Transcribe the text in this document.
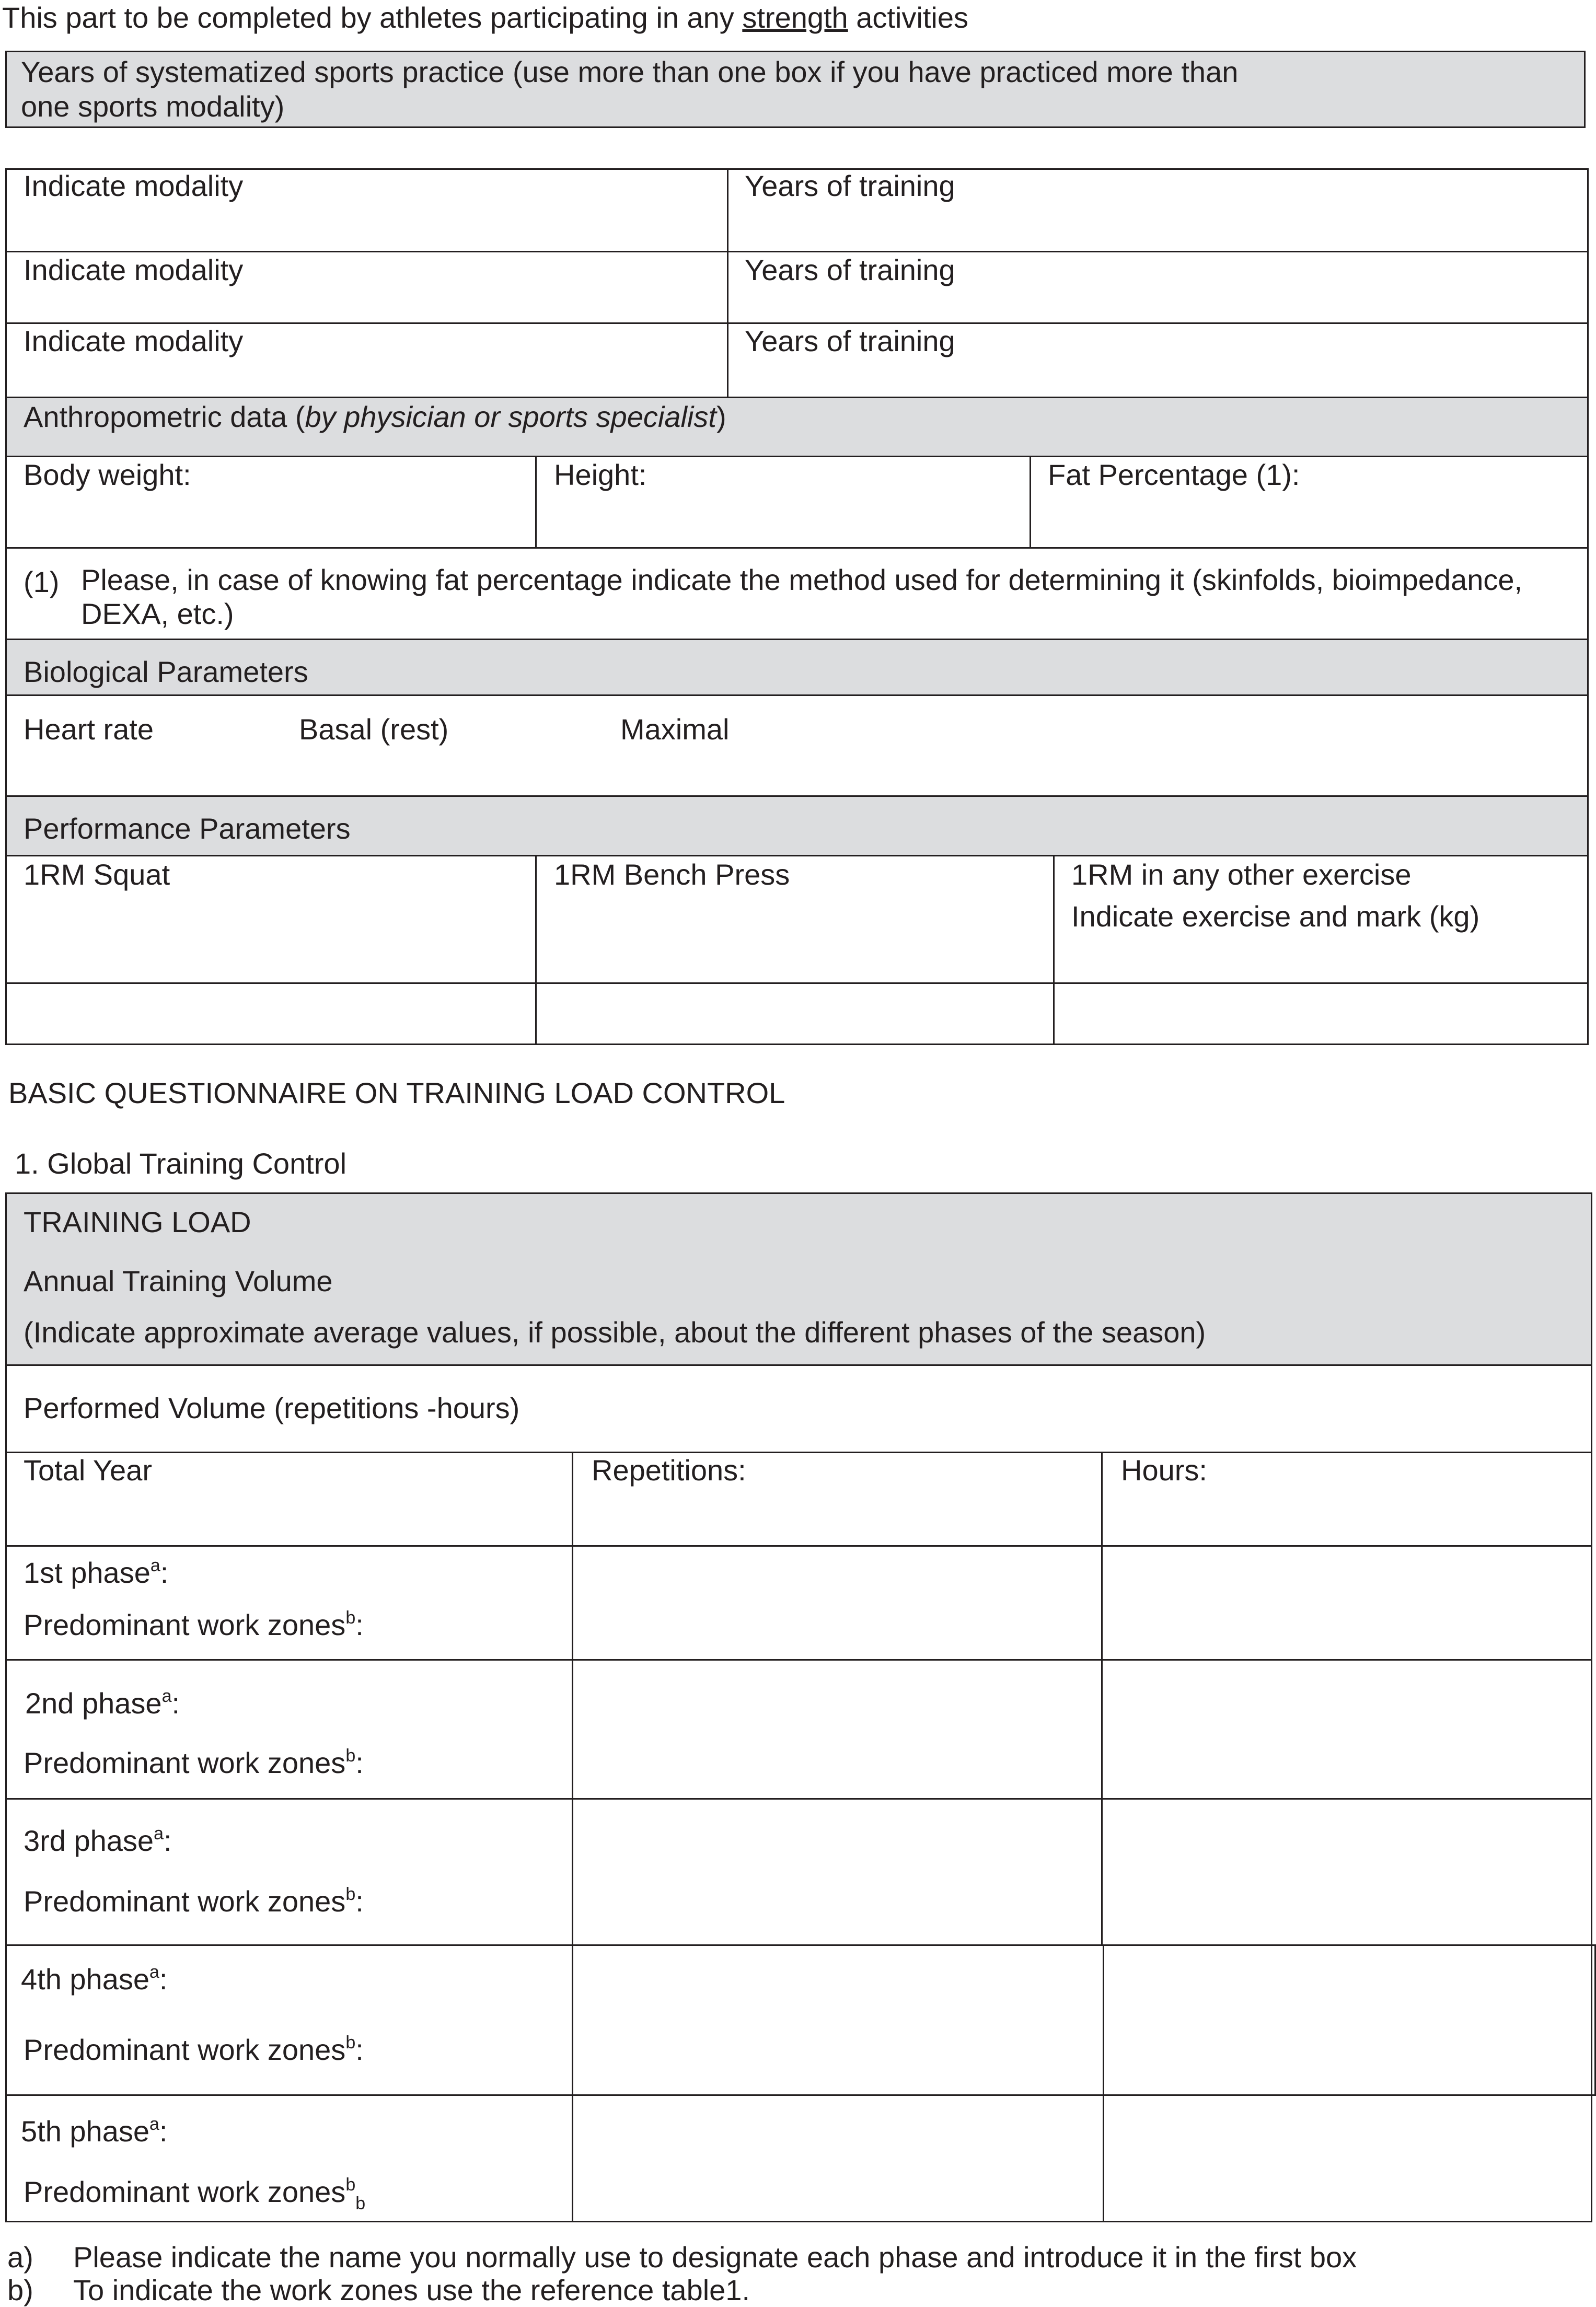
This part to be completed by athletes participating in any strength activities
Years of systematized sports practice (use more than one box if you have practiced more than
one sports modality)
Indicate modality	Years of training
Indicate modality	Years of training
Indicate modality	Years of training
Anthropometric data (by physician or sports specialist)
Body weight:	Height:	Fat Percentage (1):
(1) Please, in case of knowing fat percentage indicate the method used for determining it (skinfolds, bioimpedance,
DEXA, etc.)
Biological Parameters
Heart rate	Basal (rest)	Maximal
Performance Parameters
1RM Squat	1RM Bench Press	1RM in any other exercise
Indicate exercise and mark (kg)
BASIC QUESTIONNAIRE ON TRAINING LOAD CONTROL
1. Global Training Control
TRAINING LOAD
Annual Training Volume
(Indicate approximate average values, if possible, about the different phases of the season)
Performed Volume (repetitions -hours)
Total Year	Repetitions:	Hours:
1st phase$^a$:
Predominant work zones$^b$:
2nd phase$^a$:
Predominant work zones$^b$:
3rd phase$^a$:
Predominant work zones$^b$:
4th phase$^a$:
Predominant work zones$^b$:
5th phase$^a$:
Predominant work zones$^b_b$
a) Please indicate the name you normally use to designate each phase and introduce it in the first box
b) To indicate the work zones use the reference table1.
